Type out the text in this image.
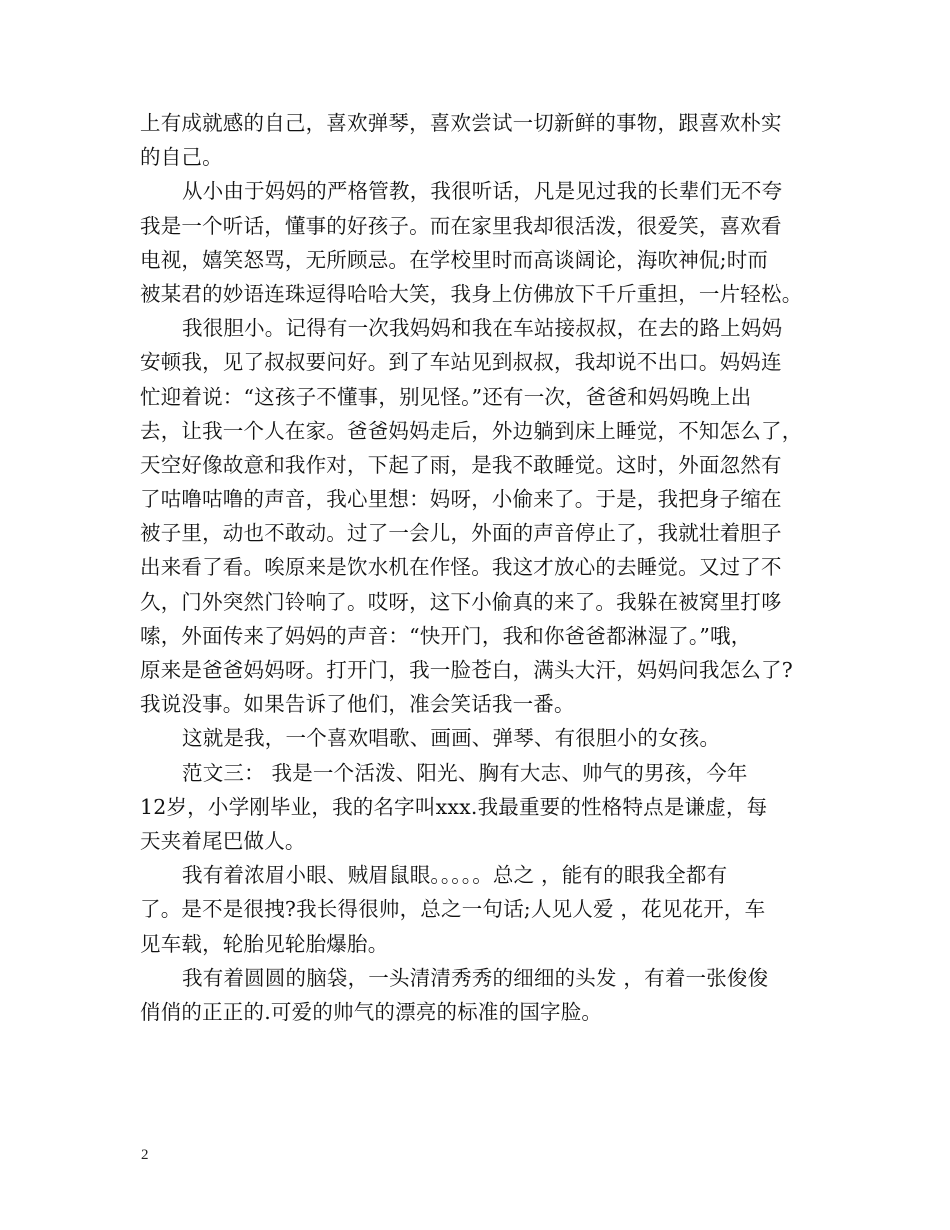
上有成就感的自己，喜欢弹琴，喜欢尝试一切新鲜的事物，跟喜欢朴实
的自己。
从小由于妈妈的严格管教，我很听话，凡是见过我的长辈们无不夸
我是一个听话，懂事的好孩子。而在家里我却很活泼，很爱笑，喜欢看
电视，嬉笑怒骂，无所顾忌。在学校里时而高谈阔论，海吹神侃;时而
被某君的妙语连珠逗得哈哈大笑，我身上仿佛放下千斤重担，一片轻松。
我很胆小。记得有一次我妈妈和我在车站接叔叔，在去的路上妈妈
安顿我，见了叔叔要问好。到了车站见到叔叔，我却说不出口。妈妈连
忙迎着说：“这孩子不懂事，别见怪。”还有一次，爸爸和妈妈晚上出
去，让我一个人在家。爸爸妈妈走后，外边躺到床上睡觉，不知怎么了，
天空好像故意和我作对，下起了雨，是我不敢睡觉。这时，外面忽然有
了咕噜咕噜的声音，我心里想：妈呀，小偷来了。于是，我把身子缩在
被子里，动也不敢动。过了一会儿，外面的声音停止了，我就壮着胆子
出来看了看。唉原来是饮水机在作怪。我这才放心的去睡觉。又过了不
久，门外突然门铃响了。哎呀，这下小偷真的来了。我躲在被窝里打哆
嗦，外面传来了妈妈的声音：“快开门，我和你爸爸都淋湿了。”哦，
原来是爸爸妈妈呀。打开门，我一脸苍白，满头大汗，妈妈问我怎么了?
我说没事。如果告诉了他们，准会笑话我一番。
这就是我，一个喜欢唱歌、画画、弹琴、有很胆小的女孩。
范文三： 我是一个活泼、阳光、胸有大志、帅气的男孩，今年
12岁，小学刚毕业，我的名字叫xxx.我最重要的性格特点是谦虚，每
天夹着尾巴做人。
我有着浓眉小眼、贼眉鼠眼。。。。。总之 ，能有的眼我全都有
了。是不是很拽?我长得很帅，总之一句话;人见人爱 ，花见花开，车
见车载，轮胎见轮胎爆胎。
我有着圆圆的脑袋，一头清清秀秀的细细的头发 ，有着一张俊俊
俏俏的正正的.可爱的帅气的漂亮的标准的国字脸。
2
